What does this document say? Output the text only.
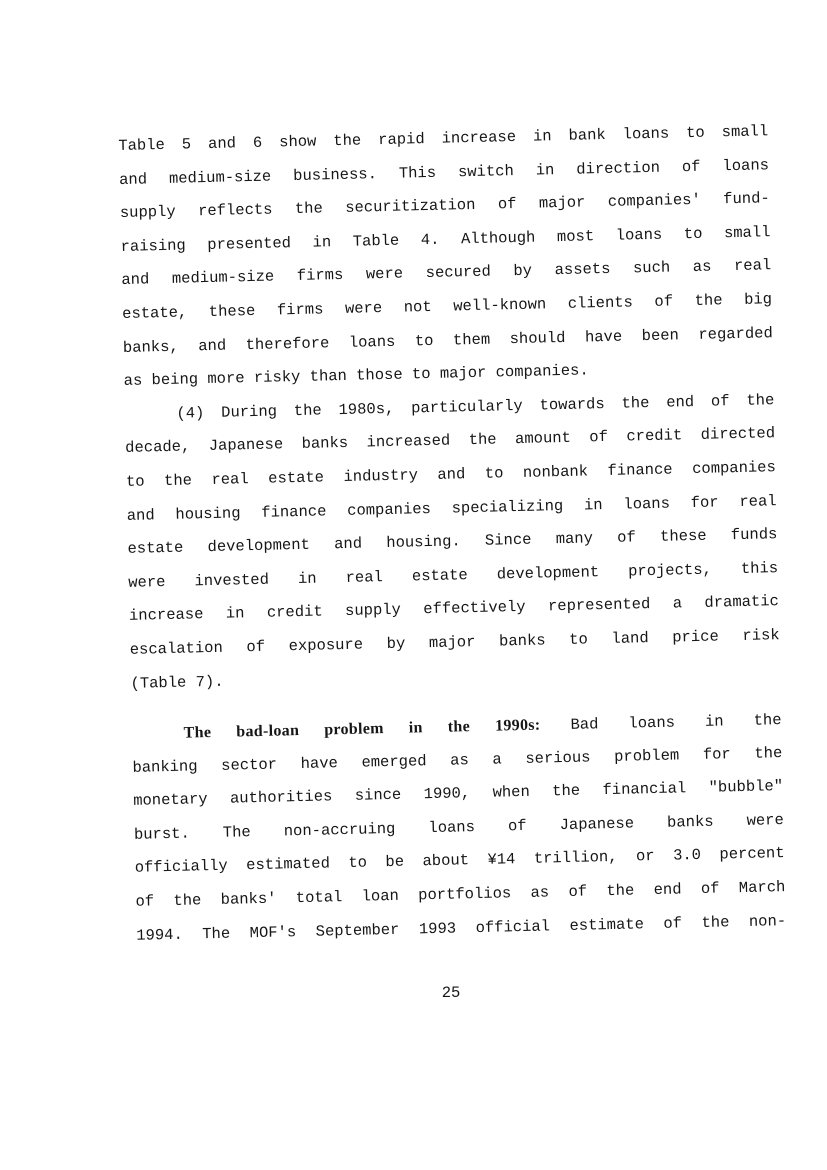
Table 5 and 6 show the rapid increase in bank loans to small
and medium-size business. This switch in direction of loans
supply reflects the securitization of major companies' fund-
raising presented in Table 4. Although most loans to small
and medium-size firms were secured by assets such as real
estate, these firms were not well-known clients of the big
banks, and therefore loans to them should have been regarded
as being more risky than those to major companies.
(4) During the 1980s, particularly towards the end of the
decade, Japanese banks increased the amount of credit directed
to the real estate industry and to nonbank finance companies
and housing finance companies specializing in loans for real
estate development and housing. Since many of these funds
were invested in real estate development projects, this
increase in credit supply effectively represented a dramatic
escalation of exposure by major banks to land price risk
(Table 7).
The bad-loan problem in the 1990s: Bad loans in the
banking sector have emerged as a serious problem for the
monetary authorities since 1990, when the financial "bubble"
burst. The non-accruing loans of Japanese banks were
officially estimated to be about ¥14 trillion, or 3.0 percent
of the banks' total loan portfolios as of the end of March
1994. The MOF's September 1993 official estimate of the non-
25
